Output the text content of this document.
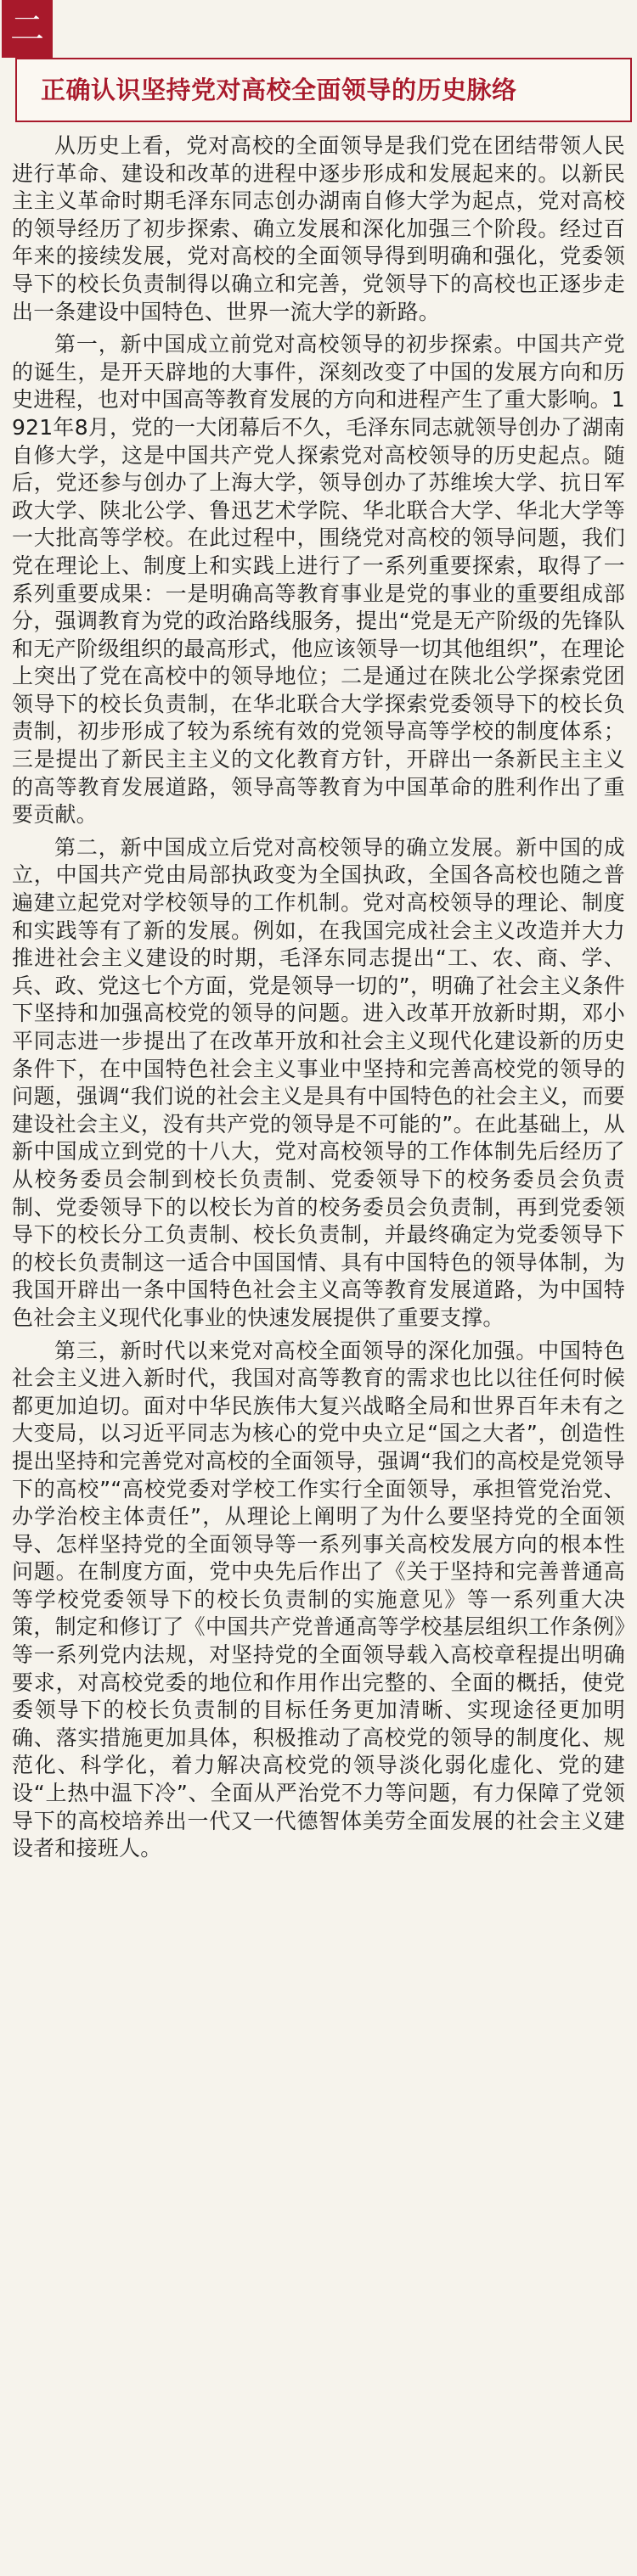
二
正确认识坚持党对高校全面领导的历史脉络

从历史上看，党对高校的全面领导是我们党在团结带领人民进行革命、建设和改革的进程中逐步形成和发展起来的。以新民主主义革命时期毛泽东同志创办湖南自修大学为起点，党对高校的领导经历了初步探索、确立发展和深化加强三个阶段。经过百年来的接续发展，党对高校的全面领导得到明确和强化，党委领导下的校长负责制得以确立和完善，党领导下的高校也正逐步走出一条建设中国特色、世界一流大学的新路。

第一，新中国成立前党对高校领导的初步探索。中国共产党的诞生，是开天辟地的大事件，深刻改变了中国的发展方向和历史进程，也对中国高等教育发展的方向和进程产生了重大影响。1921年8月，党的一大闭幕后不久，毛泽东同志就领导创办了湖南自修大学，这是中国共产党人探索党对高校领导的历史起点。随后，党还参与创办了上海大学，领导创办了苏维埃大学、抗日军政大学、陕北公学、鲁迅艺术学院、华北联合大学、华北大学等一大批高等学校。在此过程中，围绕党对高校的领导问题，我们党在理论上、制度上和实践上进行了一系列重要探索，取得了一系列重要成果：一是明确高等教育事业是党的事业的重要组成部分，强调教育为党的政治路线服务，提出“党是无产阶级的先锋队和无产阶级组织的最高形式，他应该领导一切其他组织”，在理论上突出了党在高校中的领导地位；二是通过在陕北公学探索党团领导下的校长负责制，在华北联合大学探索党委领导下的校长负责制，初步形成了较为系统有效的党领导高等学校的制度体系；三是提出了新民主主义的文化教育方针，开辟出一条新民主主义的高等教育发展道路，领导高等教育为中国革命的胜利作出了重要贡献。

第二，新中国成立后党对高校领导的确立发展。新中国的成立，中国共产党由局部执政变为全国执政，全国各高校也随之普遍建立起党对学校领导的工作机制。党对高校领导的理论、制度和实践等有了新的发展。例如，在我国完成社会主义改造并大力推进社会主义建设的时期，毛泽东同志提出“工、农、商、学、兵、政、党这七个方面，党是领导一切的”，明确了社会主义条件下坚持和加强高校党的领导的问题。进入改革开放新时期，邓小平同志进一步提出了在改革开放和社会主义现代化建设新的历史条件下，在中国特色社会主义事业中坚持和完善高校党的领导的问题，强调“我们说的社会主义是具有中国特色的社会主义，而要建设社会主义，没有共产党的领导是不可能的”。在此基础上，从新中国成立到党的十八大，党对高校领导的工作体制先后经历了从校务委员会制到校长负责制、党委领导下的校务委员会负责制、党委领导下的以校长为首的校务委员会负责制，再到党委领导下的校长分工负责制、校长负责制，并最终确定为党委领导下的校长负责制这一适合中国国情、具有中国特色的领导体制，为我国开辟出一条中国特色社会主义高等教育发展道路，为中国特色社会主义现代化事业的快速发展提供了重要支撑。

第三，新时代以来党对高校全面领导的深化加强。中国特色社会主义进入新时代，我国对高等教育的需求也比以往任何时候都更加迫切。面对中华民族伟大复兴战略全局和世界百年未有之大变局，以习近平同志为核心的党中央立足“国之大者”，创造性提出坚持和完善党对高校的全面领导，强调“我们的高校是党领导下的高校”“高校党委对学校工作实行全面领导，承担管党治党、办学治校主体责任”，从理论上阐明了为什么要坚持党的全面领导、怎样坚持党的全面领导等一系列事关高校发展方向的根本性问题。在制度方面，党中央先后作出了《关于坚持和完善普通高等学校党委领导下的校长负责制的实施意见》等一系列重大决策，制定和修订了《中国共产党普通高等学校基层组织工作条例》等一系列党内法规，对坚持党的全面领导载入高校章程提出明确要求，对高校党委的地位和作用作出完整的、全面的概括，使党委领导下的校长负责制的目标任务更加清晰、实现途径更加明确、落实措施更加具体，积极推动了高校党的领导的制度化、规范化、科学化，着力解决高校党的领导淡化弱化虚化、党的建设“上热中温下冷”、全面从严治党不力等问题，有力保障了党领导下的高校培养出一代又一代德智体美劳全面发展的社会主义建设者和接班人。
